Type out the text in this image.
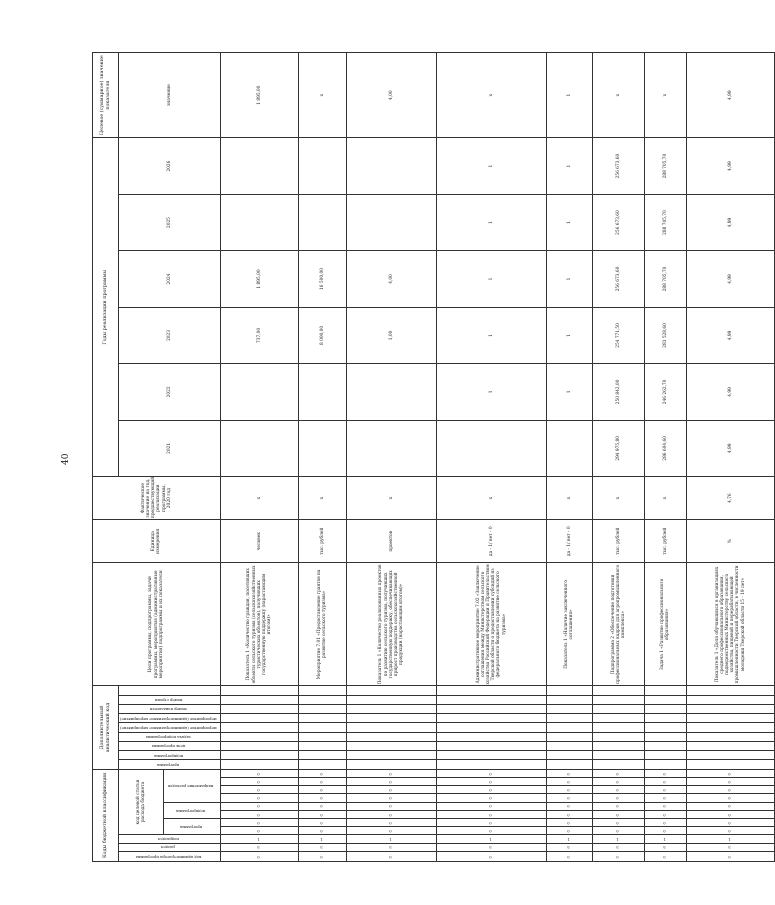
40
Коды бюджетной классификации											Дополнительный аналитический код									Цели программы, подпрограммы, задачи программы, мероприятия (административные мероприятия) подпрограммы и их показатели	Единица измерения	Фактическое значение на год, предшествующий реализации программы, 2020 год	Годы реализации программы						Целевое (суммарное) значение показателя
код администратора программы	раздел	подраздел	код целевой статьи расхода бюджета								программа	подпрограмма	цель программы	задача подпрограммы	мероприятие (административное мероприятие)	мероприятие (административное мероприятие)	номер показателя	номер строки					2021	2022	2023	2024	2025	2026	значение
			программа		подпрограмма		направление расходов																						
0	5	1	0	0	0	0	0	0	0	0										Показатель 1 «Количество граждан, посетивших объекты сельского туризма (сельскохозяйственных туристических объектов), получивших государственную поддержку (нарастающим итогом)»	человек	х			737,00	1 895,00			1 895,00
0	5	1	0	0	0	0	0	0	0	0										Мероприятие 7.01 «Предоставление грантов на развитие сельского туризма»	тыс. рублей	х			8 000,00	16 500,00			х
0	5	1	0	0	0	0	0	0	0	0										Показатель 1 «Количество реализованных проектов по развитию сельского туризма, получивших государственную поддержку, обеспечивающих прирост производства сельскохозяйственной продукции (нарастающим итогом)»	проектов	х			1,00	4,00			4,00
0	5	1	0	0	0	0	0	0	0	0										Административное мероприятие 7.02 «Заключение соглашения между Министерством сельского хозяйства Российской Федерации и Правительством Тверской области о предоставлении субсидий из федерального бюджета на развитие сельского туризма»	да - 1/ нет - 0	х		1	1	1	1	1	х
0	5	1	0	0	0	0	0	0	0	0										Показатель 1 «Наличие заключенного соглашения»	да - 1/ нет - 0	х		1	1	1	1	1	1
0	5	1	0	0	0	0	0	0	0	0										Подпрограмма 2 «Обеспечение подготовки профессиональных кадров для агропромышленного комплекса»	тыс. рублей	х	294 975,80	250 842,00	254 771,50	256 673,60	256 673,60	256 673,60	х
0	5	1	0	0	0	0	0	0	0	0										Задача 1 «Развитие профессионального образования»	тыс. рублей	х	286 604,60	246 262,70	283 528,60	288 705,70	288 705,70	288 705,70	х
0	5	1	0	0	0	0	0	0	0	0										Показатель 1 «Доля обучающихся в организациях среднего профессионального образования, подведомственных Министерству сельского хозяйства, пищевой и перерабатывающей промышленности Тверской области, в численности молодежи Тверской области 15 - 19 лет»	%	4,76	4,99	4,99	4,99	4,99	4,99	4,99	4,99
